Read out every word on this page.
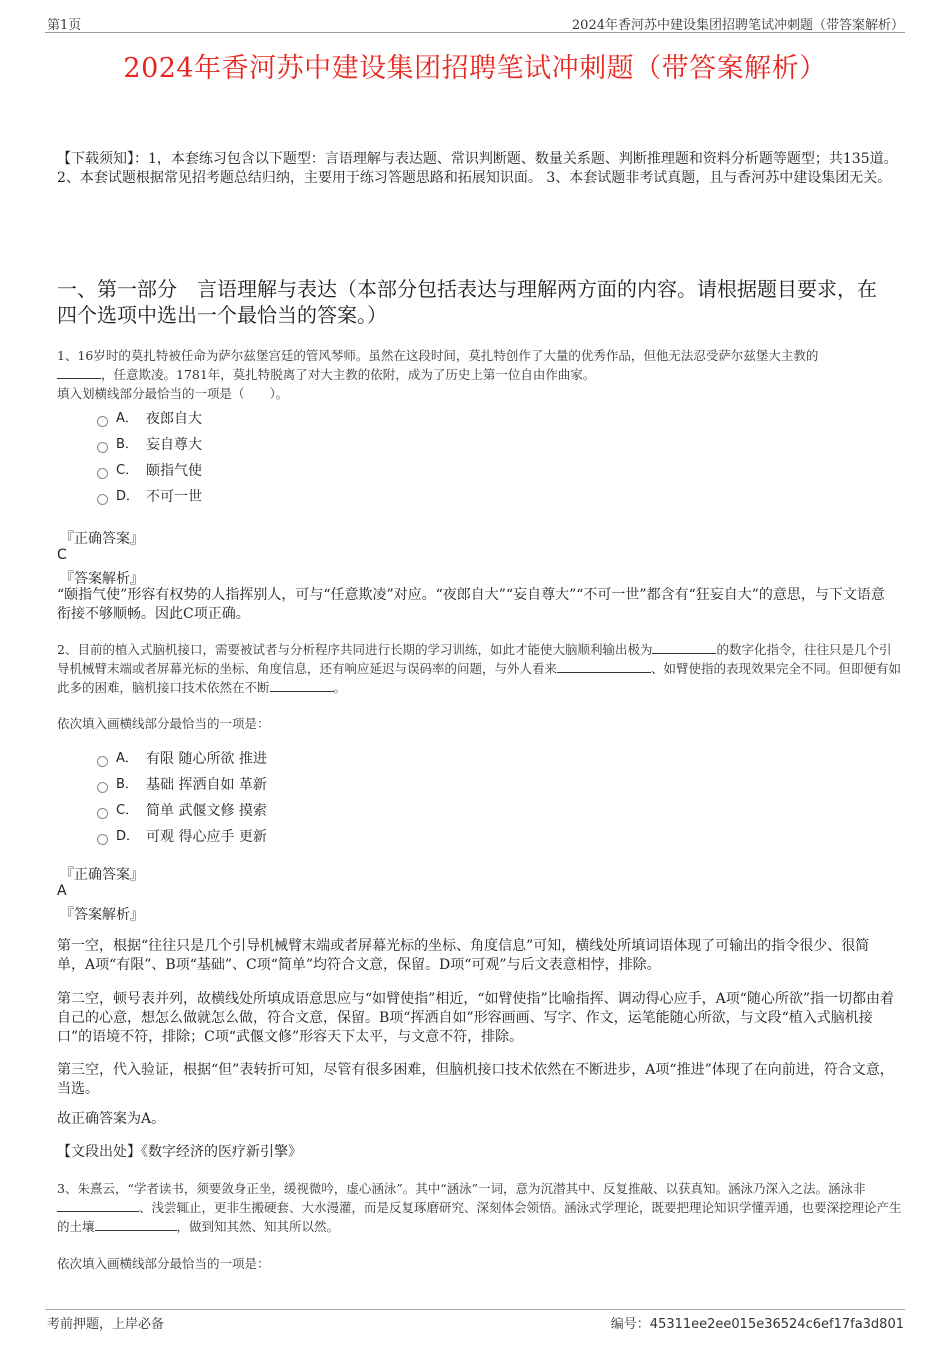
第1页	2024年香河苏中建设集团招聘笔试冲刺题（带答案解析）
2024年香河苏中建设集团招聘笔试冲刺题（带答案解析）
【下载须知】：1，本套练习包含以下题型：言语理解与表达题、常识判断题、数量关系题、判断推理题和资料分析题等题型；共135道。 2、本套试题根据常见招考题总结归纳，主要用于练习答题思路和拓展知识面。 3、本套试题非考试真题，且与香河苏中建设集团无关。
一、第一部分　言语理解与表达（本部分包括表达与理解两方面的内容。请根据题目要求，在四个选项中选出一个最恰当的答案。）
1、16岁时的莫扎特被任命为萨尔兹堡宫廷的管风琴师。虽然在这段时间，莫扎特创作了大量的优秀作品，但他无法忍受萨尔兹堡大主教的
，任意欺凌。1781年，莫扎特脱离了对大主教的依附，成为了历史上第一位自由作曲家。
填入划横线部分最恰当的一项是（　　）。
A． 夜郎自大
B． 妄自尊大
C． 颐指气使
D． 不可一世
『正确答案』
C
『答案解析』
“颐指气使”形容有权势的人指挥别人，可与“任意欺凌”对应。“夜郎自大”“妄自尊大”“不可一世”都含有“狂妄自大”的意思，与下文语意衔接不够顺畅。因此C项正确。
2、目前的植入式脑机接口，需要被试者与分析程序共同进行长期的学习训练，如此才能使大脑顺利输出极为	的数字化指令，往往只是几个引导机械臂末端或者屏幕光标的坐标、角度信息，还有响应延迟与误码率的问题，与外人看来	、如臂使指的表现效果完全不同。但即便有如此多的困难，脑机接口技术依然在不断	。
依次填入画横线部分最恰当的一项是：
A． 有限 随心所欲 推进
B． 基础 挥洒自如 革新
C． 简单 武偃文修 摸索
D． 可观 得心应手 更新
『正确答案』
A
『答案解析』
第一空，根据“往往只是几个引导机械臂末端或者屏幕光标的坐标、角度信息”可知，横线处所填词语体现了可输出的指令很少、很简单，A项“有限”、B项“基础”、C项“简单”均符合文意，保留。D项“可观”与后文表意相悖，排除。
第二空，顿号表并列，故横线处所填成语意思应与“如臂使指”相近，“如臂使指”比喻指挥、调动得心应手，A项“随心所欲”指一切都由着自己的心意，想怎么做就怎么做，符合文意，保留。B项“挥洒自如”形容画画、写字、作文，运笔能随心所欲，与文段“植入式脑机接口”的语境不符，排除；C项“武偃文修”形容天下太平，与文意不符，排除。
第三空，代入验证，根据“但”表转折可知，尽管有很多困难，但脑机接口技术依然在不断进步，A项“推进”体现了在向前进，符合文意，当选。
故正确答案为A。
【文段出处】《数字经济的医疗新引擎》
3、朱熹云，“学者读书，须要敛身正坐，缓视微吟，虚心涵泳”。其中“涵泳”一词，意为沉潜其中、反复推敲、以获真知。涵泳乃深入之法。涵泳非、浅尝辄止，更非生搬硬套、大水漫灌，而是反复琢磨研究、深刻体会领悟。涵泳式学理论，既要把理论知识学懂弄通，也要深挖理论产生的土壤	，做到知其然、知其所以然。
依次填入画横线部分最恰当的一项是：
考前押题，上岸必备	编号：45311ee2ee015e36524c6ef17fa3d801
